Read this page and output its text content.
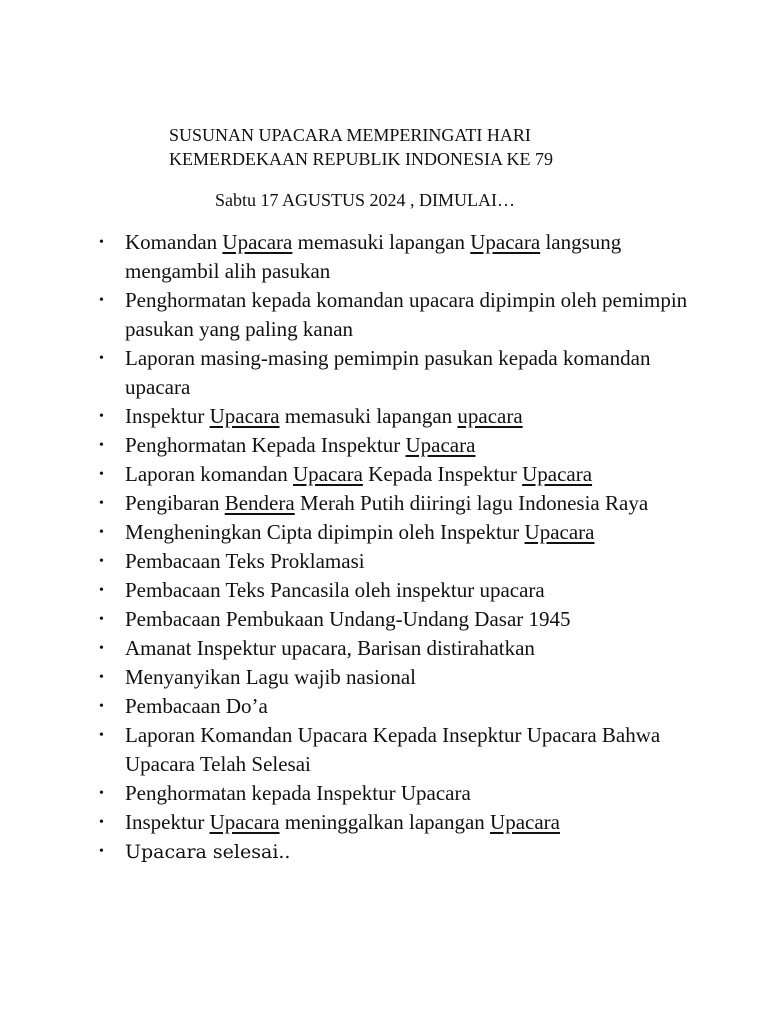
SUSUNAN UPACARA MEMPERINGATI HARI
KEMERDEKAAN REPUBLIK INDONESIA KE 79

Sabtu 17 AGUSTUS 2024 , DIMULAI…

• Komandan Upacara memasuki lapangan Upacara langsung mengambil alih pasukan
• Penghormatan kepada komandan upacara dipimpin oleh pemimpin pasukan yang paling kanan
• Laporan masing-masing pemimpin pasukan kepada komandan upacara
• Inspektur Upacara memasuki lapangan upacara
• Penghormatan Kepada Inspektur Upacara
• Laporan komandan Upacara Kepada Inspektur Upacara
• Pengibaran Bendera Merah Putih diiringi lagu Indonesia Raya
• Mengheningkan Cipta dipimpin oleh Inspektur Upacara
• Pembacaan Teks Proklamasi
• Pembacaan Teks Pancasila oleh inspektur upacara
• Pembacaan Pembukaan Undang-Undang Dasar 1945
• Amanat Inspektur upacara, Barisan distirahatkan
• Menyanyikan Lagu wajib nasional
• Pembacaan Do’a
• Laporan Komandan Upacara Kepada Insepktur Upacara Bahwa Upacara Telah Selesai
• Penghormatan kepada Inspektur Upacara
• Inspektur Upacara meninggalkan lapangan Upacara
• Upacara selesai..
